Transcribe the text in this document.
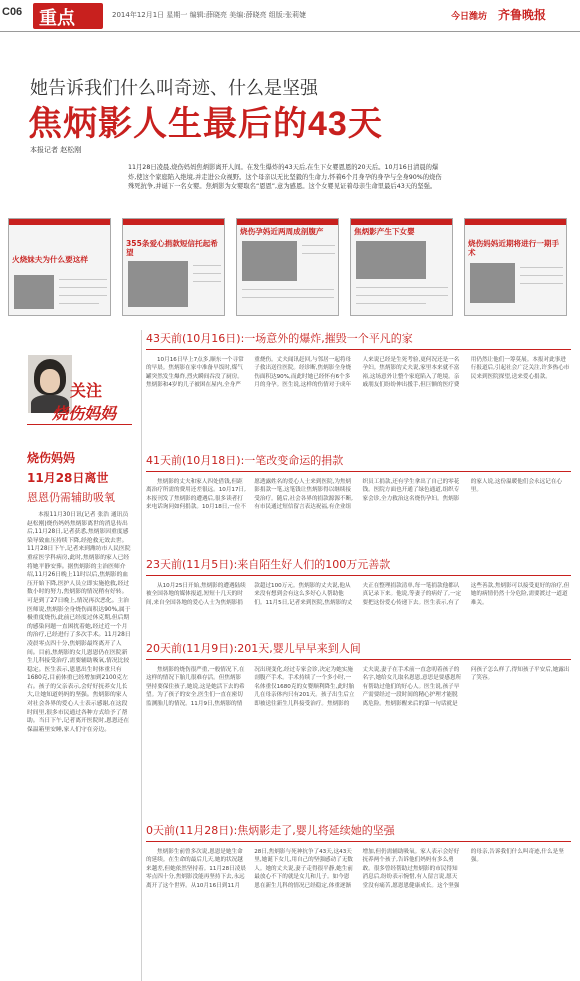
C06 重点	2014年12月1日 星期一 编辑:薛晓亮 美编:薛晓亮 组版:张莉婕	今日潍坊 齐鲁晚报
她告诉我们什么叫奇迹、什么是坚强
焦炳影人生最后的43天
本报记者 赵松刚
11月28日凌晨,烧伤妈妈焦炳影离开人间。在发生爆炸的43天后,在生下女婴恩恩的20天后。10月16日清晨的爆炸,使这个家庭陷入绝境,并走进公众视野。这个母亲以无比坚毅的生命力,怀着6个月身孕的身孕与全身90%的烧伤殊死抗争,并诞下一名女婴。焦炳影为女婴取名“恩恩”,意为感恩。这个女婴见证着母亲生命里最后43天的坚强。
火烧妹夫为什么要这样
355条爱心捐款短信托起希望
烧伤孕妈近两周成剖腹产	焦炳影产生下女婴
烧伤妈妈近期将进行一期手术
关注
烧伤妈妈
烧伤妈妈
11月28日离世
恩恩仍需辅助吸氧
本报11月30日讯(记者 张浩 通讯员 赵松刚)烧伤妈妈焦炳影离世的消息传出后,11月28日,记者获悉,焦炳影因重度感染导致血压持续下降,经抢救无效去世。11月28日下午,记者来到潍坊市人民医院重症医学科病房,此时,焦炳影的家人已经将她平静安葬。据焦炳影的主治医师介绍,11月26日晚上11时以后,焦炳影的血压开始下降,医护人员立即实施抢救,经过数小时的努力,焦炳影的情况稍有好转。可是到了27日晚上,情况再次恶化。主治医师说,焦炳影全身烧伤面积达90%,属于极重度烧伤,此前已经度过休克期,但后期的感染问题一直困扰着她,经过近一个月的治疗,已经进行了多次手术。11月28日凌晨零点四十分,焦炳影最终离开了人间。目前,焦炳影的女儿恩恩仍在医院新生儿科接受治疗,需要辅助吸氧,情况比较稳定。医生表示,恩恩出生时体重只有1680克,目前体重已经增加到2100克左右。孩子的父亲表示,会好好抚养女儿长大,让她知道妈妈的坚强。焦炳影的家人对社会各界的爱心人士表示感谢,在这段时间里,很多市民通过各种方式给予了帮助。当日下午,记者离开医院时,恩恩还在保温箱里安睡,家人们守在旁边。
43天前(10月16日):一场意外的爆炸,摧毁一个平凡的家
10月16日早上7点多,顺东一个寻常的早晨。焦炳影在家中准备早饭时,煤气罐突然发生爆炸,烈火瞬间吞没了厨房。焦炳影和4岁的儿子被困在屋内,全身严重烧伤。丈夫闻讯赶回,与邻居一起将母子救出送往医院。经诊断,焦炳影全身烧伤面积达90%,而此时她已经怀有6个多月的身孕。医生说,这样的伤情对于成年人来说已经是生死考验,更何况还是一名孕妇。焦炳影的丈夫说,家里本来就不富裕,这场意外让整个家庭陷入了绝境。亲戚朋友们纷纷伸出援手,但巨额的医疗费用仍然让他们一筹莫展。本报对此事进行报道后,引起社会广泛关注,许多热心市民来到医院探望,送来爱心捐款。
41天前(10月18日):一笔改变命运的捐款
焦炳影的丈夫和家人四处借钱,但距离治疗所需的费用还差很远。10月17日,本报刊发了焦炳影的遭遇后,很多读者打来电话询问如何捐款。10月18日,一位不愿透露姓名的爱心人士来到医院,为焦炳影捐款一笔,这笔钱让焦炳影得以继续接受治疗。随后,社会各界的捐款源源不断,有市民通过短信留言表达祝福,有企业组织员工捐款,还有学生拿出了自己的零花钱。医院方面也开通了绿色通道,组织专家会诊,全力救治这名烧伤孕妇。焦炳影的家人说,这份温暖他们会永远记在心里。
23天前(11月5日):来自陌生好人们的100万元善款
从10月25日开始,焦炳影的遭遇陆续被全国各地的媒体报道,短短十几天的时间,来自全国各地的爱心人士为焦炳影捐款超过100万元。焦炳影的丈夫说,他从来没有想到会有这么多好心人帮助他们。11月5日,记者来到医院,焦炳影的丈夫正在整理捐款清单,每一笔捐款他都认真记录下来。他说,等妻子的病好了,一定要把这份爱心传递下去。医生表示,有了这些善款,焦炳影可以接受更好的治疗,但她的病情仍然十分危险,需要渡过一道道难关。
20天前(11月9日):201天,婴儿早早来到人间
焦炳影的烧伤很严重,一般情况下,在这样的情况下胎儿很难存活。但焦炳影坚持要保住孩子,她说,这是她活下去的希望。为了孩子的安全,医生们一直在密切监测胎儿的情况。11月9日,焦炳影的情况出现变化,经过专家会诊,决定为她实施剖腹产手术。手术持续了一个多小时,一名体重仅1680克的女婴顺利降生,此时胎儿在母亲体内只有201天。孩子出生后立即被送往新生儿科接受治疗。焦炳影的丈夫说,妻子在手术前一直念叨着孩子的名字,她给女儿取名恩恩,意思是要感恩所有帮助过他们的好心人。医生说,孩子早产需要经过一段时间的精心护理才能脱离危险。焦炳影醒来后的第一句话就是问孩子怎么样了,得知孩子平安后,她露出了笑容。
0天前(11月28日):焦炳影走了,婴儿将延续她的坚强
焦炳影生前曾多次说,恩恩是她生命的延续。在生命的最后几天,她的状况越来越差,但她依然坚持着。11月28日凌晨零点四十分,焦炳影没能再坚持下去,永远离开了这个世界。从10月16日到11月28日,焦炳影与死神抗争了43天,这43天里,她诞下女儿,用自己的坚强感动了无数人。她的丈夫说,妻子走得很平静,她生前最放心不下的就是女儿和儿子。如今恩恩在新生儿科的情况已经稳定,体重逐渐增加,但仍需辅助吸氧。家人表示会好好抚养两个孩子,告诉他们妈妈有多么勇敢。很多曾经帮助过焦炳影的市民得知消息后,纷纷表示惋惜,有人留言说,愿天堂没有痛苦,愿恩恩健康成长。这个坚强的母亲,告诉我们什么叫奇迹,什么是坚强。
